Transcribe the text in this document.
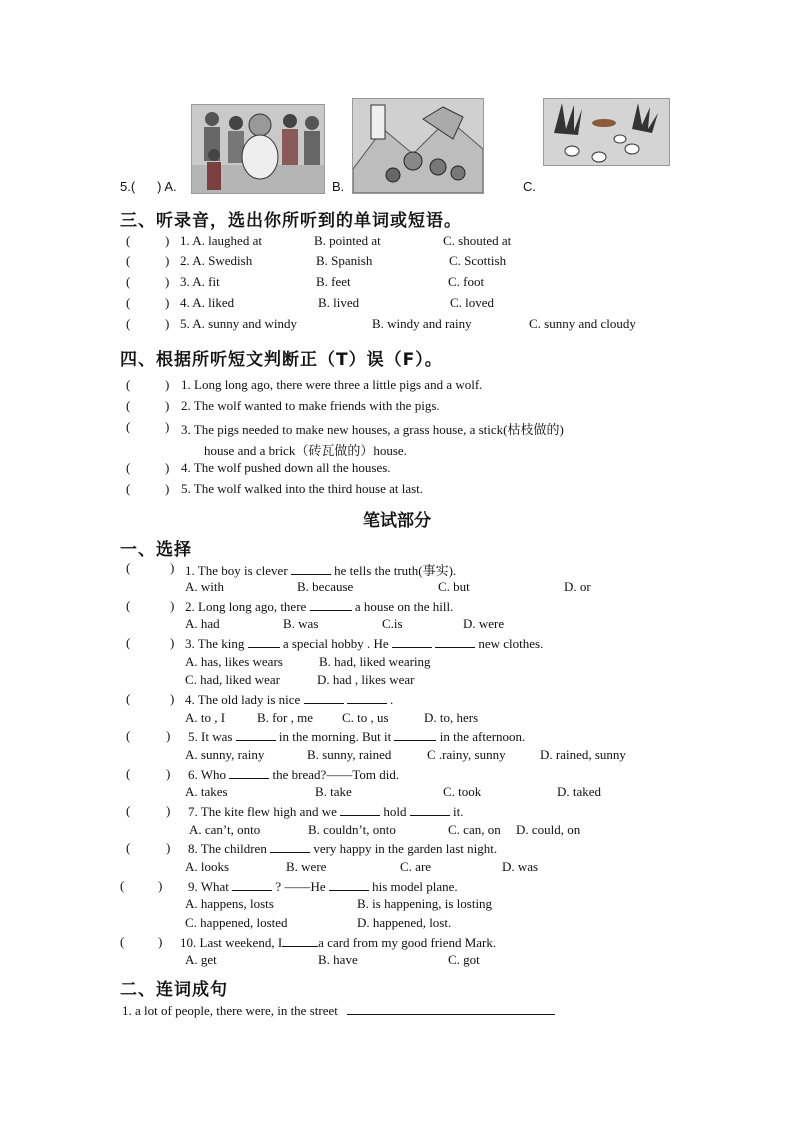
5.( ) A.	B.	C.
三、听录音，选出你所听到的单词或短语。
(	) 1. A. laughed at	B. pointed at	C. shouted at
(	) 2. A. Swedish	B. Spanish	C. Scottish
(	) 3. A. fit	B. feet	C. foot
(	) 4. A. liked	B. lived	C. loved
(	) 5. A. sunny and windy	B. windy and rainy	C. sunny and cloudy
四、根据所听短文判断正（T）误（F）。
(	) 1. Long long ago, there were three a little pigs and a wolf.
(	) 2. The wolf wanted to make friends with the pigs.
(	) 3. The pigs needed to make new houses, a grass house, a stick(枯枝做的)
house and a brick（砖瓦做的）house.
(	) 4. The wolf pushed down all the houses.
(	) 5. The wolf walked into the third house at last.
笔试部分
一、选择
(	) 1. The boy is clever	he tells the truth(事实).
A. with	B. because	C. but	D. or
(	) 2. Long long ago, there	a house on the hill.
A. had	B. was	C.is	D. were
(	) 3. The king	a special hobby . He	new clothes.
A. has, likes wears	B. had, liked wearing
C. had, liked wear	D. had , likes wear
(	) 4. The old lady is nice	.
A. to , I B. for , me C. to , us	D. to, hers
(	) 5. It was	in the morning. But it	in the afternoon.
A. sunny, rainy	B. sunny, rained	C .rainy, sunny	D. rained, sunny
(	) 6. Who	the bread?——Tom did.
A. takes	B. take	C. took	D. taked
(	) 7. The kite flew high and we	hold	it.
A. can’t, onto	B. couldn’t, onto	C. can, on D. could, on
(	) 8. The children	very happy in the garden last night.
A. looks	B. were	C. are	D. was
(	) 9. What	? ——He	his model plane.
A. happens, losts	B. is happening, is losting
C. happened, losted	D. happened, lost.
(	) 10. Last weekend, I	a card from my good friend Mark.
A. get	B. have	C. got
二、连词成句
1. a lot of people, there were, in the street
